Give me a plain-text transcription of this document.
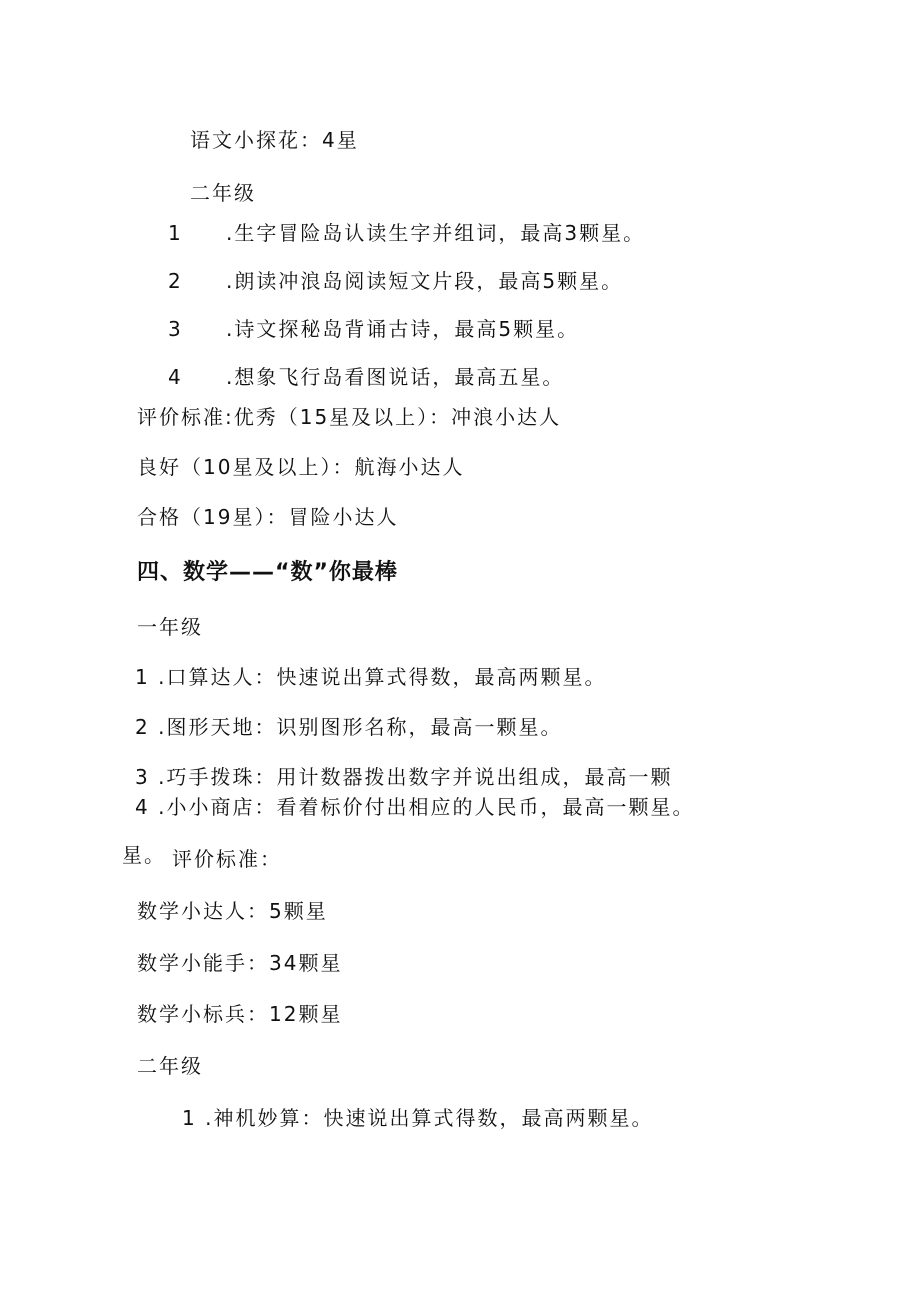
语文小探花：4星
二年级
1 .生字冒险岛认读生字并组词，最高3颗星。
2 .朗读冲浪岛阅读短文片段，最高5颗星。
3 .诗文探秘岛背诵古诗，最高5颗星。
4 .想象飞行岛看图说话，最高五星。
评价标准:优秀（15星及以上）：冲浪小达人
良好（10星及以上）：航海小达人
合格（19星）：冒险小达人
四、数学——“数”你最棒
一年级
1 .口算达人：快速说出算式得数，最高两颗星。
2 .图形天地：识别图形名称，最高一颗星。
3 .巧手拨珠：用计数器拨出数字并说出组成，最高一颗
4 .小小商店：看着标价付出相应的人民币，最高一颗星。
星。 评价标准：
数学小达人：5颗星
数学小能手：34颗星
数学小标兵：12颗星
二年级
1 .神机妙算：快速说出算式得数，最高两颗星。
